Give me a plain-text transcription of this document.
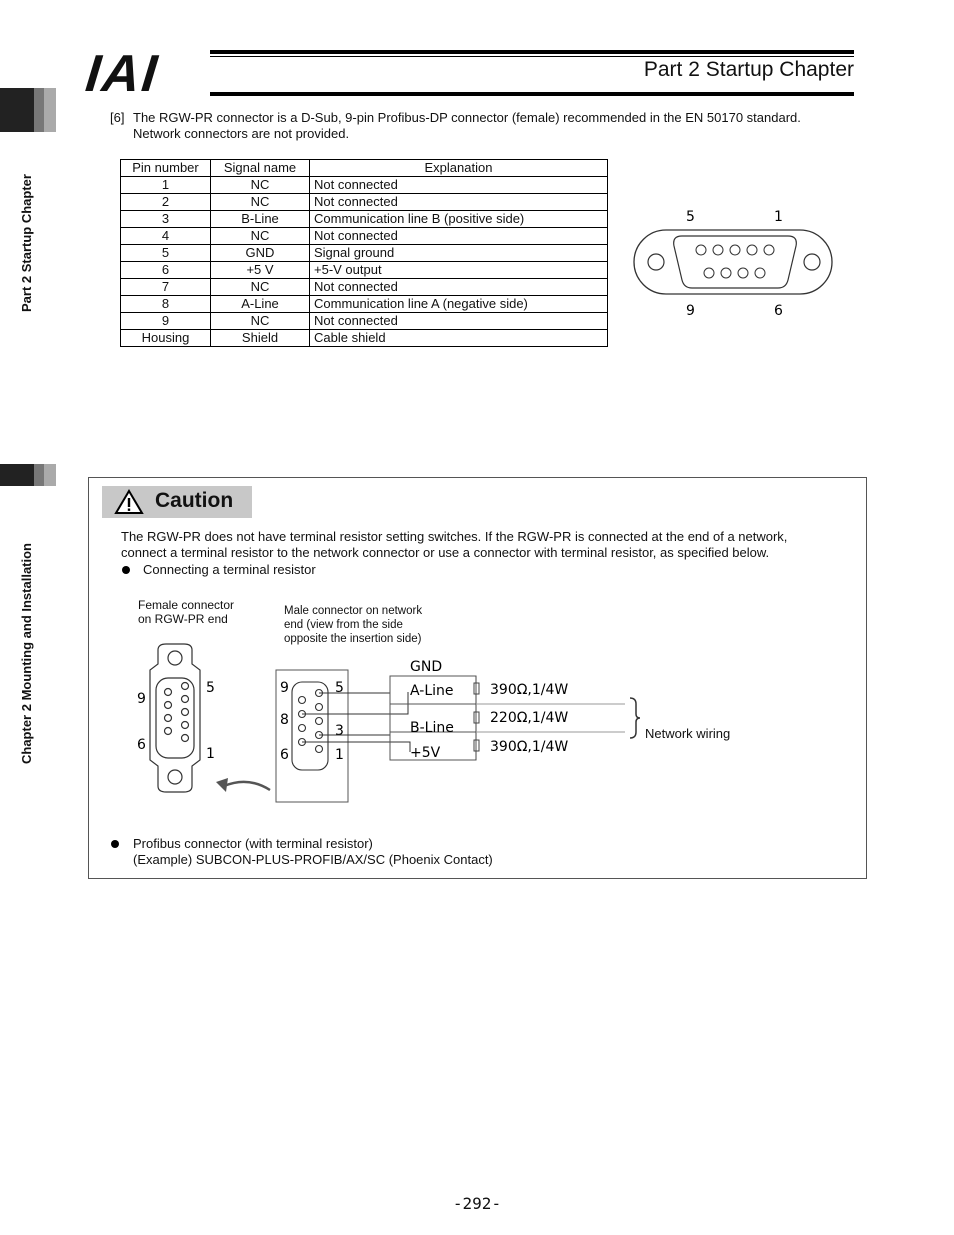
IAI	Part 2 Startup Chapter
Part 2 Startup Chapter
Chapter 2 Mounting and Installation
[6] The RGW-PR connector is a D-Sub, 9-pin Profibus-DP connector (female) recommended in the EN 50170 standard.
Network connectors are not provided.
Pin number	Signal name	Explanation
1	NC	Not connected
2	NC	Not connected
3	B-Line	Communication line B (positive side)
4	NC	Not connected
5	GND	Signal ground
6	+5 V	+5-V output
7	NC	Not connected
8	A-Line	Communication line A (negative side)
9	NC	Not connected
Housing	Shield	Cable shield
5	1
9	6
Caution
The RGW-PR does not have terminal resistor setting switches. If the RGW-PR is connected at the end of a network,
connect a terminal resistor to the network connector or use a connector with terminal resistor, as specified below.
Connecting a terminal resistor
Female connector
on RGW-PR end
Male connector on network
end (view from the side
opposite the insertion side)
9
5
6
1
9	5
8
3
6	1
GND
A-Line
B-Line
+5V
390Ω,1/4W
220Ω,1/4W
390Ω,1/4W
Network wiring
Profibus connector (with terminal resistor)
(Example) SUBCON-PLUS-PROFIB/AX/SC (Phoenix Contact)
-292-
